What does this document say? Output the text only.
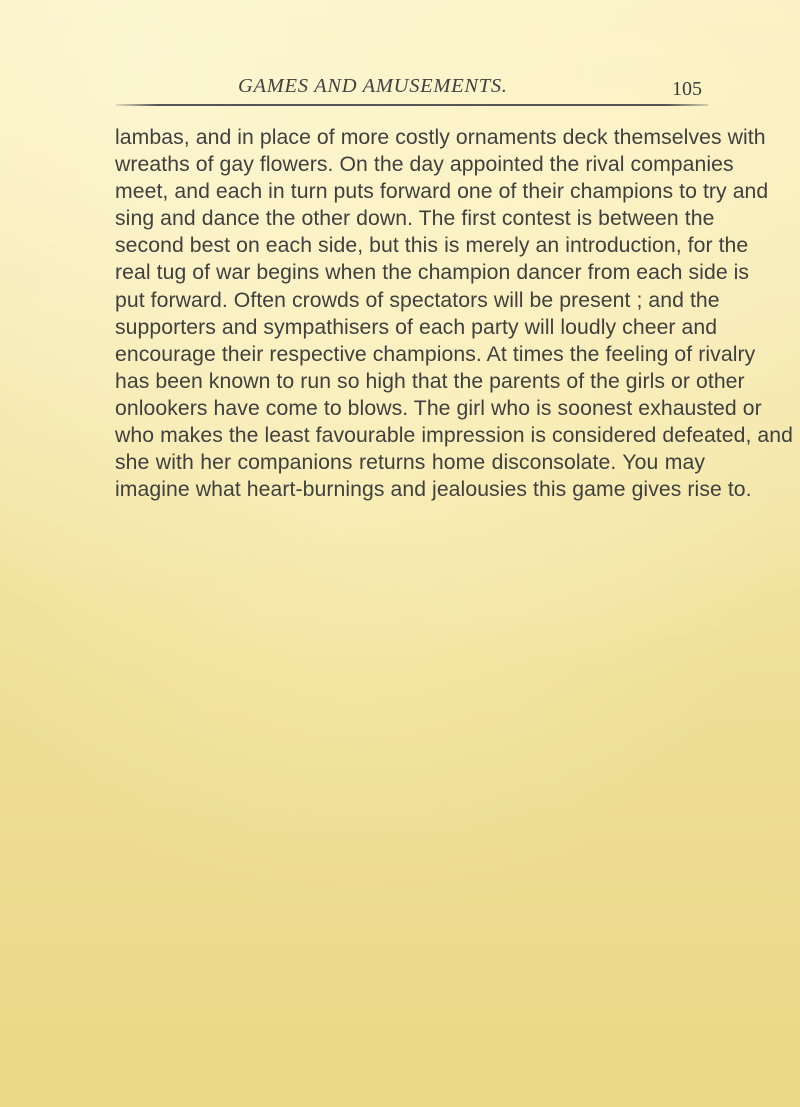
GAMES AND AMUSEMENTS.	105
lambas, and in place of more costly ornaments deck themselves with
wreaths of gay flowers. On the day appointed the rival companies
meet, and each in turn puts forward one of their champions to try and
sing and dance the other down. The first contest is between the
second best on each side, but this is merely an introduction, for the
real tug of war begins when the champion dancer from each side is
put forward. Often crowds of spectators will be present ; and the
supporters and sympathisers of each party will loudly cheer and
encourage their respective champions. At times the feeling of rivalry
has been known to run so high that the parents of the girls or other
onlookers have come to blows. The girl who is soonest exhausted or
who makes the least favourable impression is considered defeated, and
she with her companions returns home disconsolate. You may
imagine what heart-burnings and jealousies this game gives rise to.
